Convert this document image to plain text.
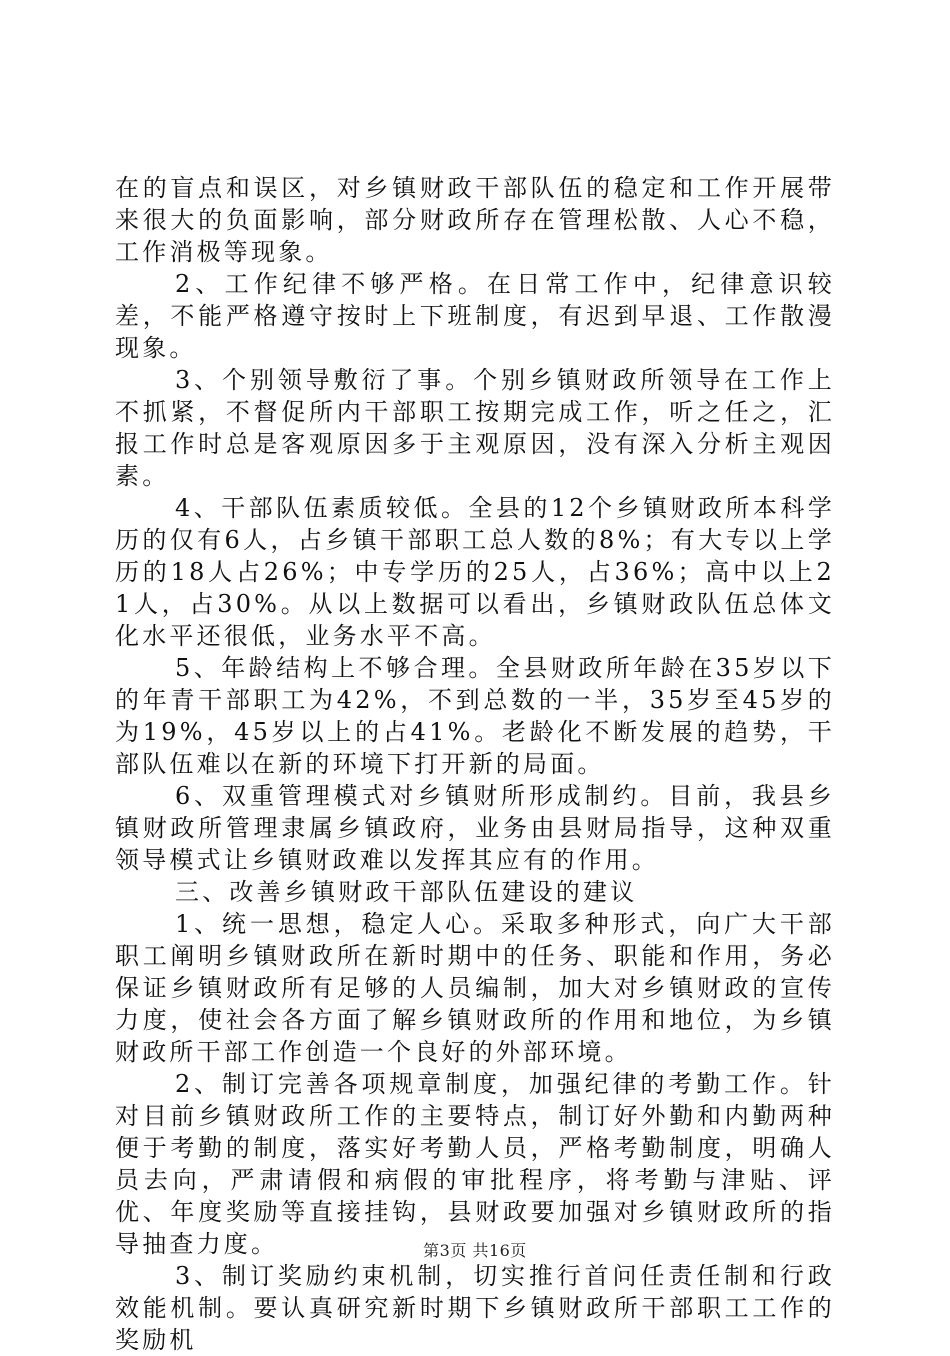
在的盲点和误区，对乡镇财政干部队伍的稳定和工作开展带来很大的负面影响，部分财政所存在管理松散、人心不稳，工作消极等现象。

2、工作纪律不够严格。在日常工作中，纪律意识较差，不能严格遵守按时上下班制度，有迟到早退、工作散漫现象。

3、个别领导敷衍了事。个别乡镇财政所领导在工作上不抓紧，不督促所内干部职工按期完成工作，听之任之，汇报工作时总是客观原因多于主观原因，没有深入分析主观因素。

4、干部队伍素质较低。全县的12个乡镇财政所本科学历的仅有6人，占乡镇干部职工总人数的8%；有大专以上学历的18人占26%；中专学历的25人，占36%；高中以上21人，占30%。从以上数据可以看出，乡镇财政队伍总体文化水平还很低，业务水平不高。

5、年龄结构上不够合理。全县财政所年龄在35岁以下的年青干部职工为42%，不到总数的一半，35岁至45岁的为19%，45岁以上的占41%。老龄化不断发展的趋势，干部队伍难以在新的环境下打开新的局面。

6、双重管理模式对乡镇财所形成制约。目前，我县乡镇财政所管理隶属乡镇政府，业务由县财局指导，这种双重领导模式让乡镇财政难以发挥其应有的作用。

三、改善乡镇财政干部队伍建设的建议

1、统一思想，稳定人心。采取多种形式，向广大干部职工阐明乡镇财政所在新时期中的任务、职能和作用，务必保证乡镇财政所有足够的人员编制，加大对乡镇财政的宣传力度，使社会各方面了解乡镇财政所的作用和地位，为乡镇财政所干部工作创造一个良好的外部环境。

2、制订完善各项规章制度，加强纪律的考勤工作。针对目前乡镇财政所工作的主要特点，制订好外勤和内勤两种便于考勤的制度，落实好考勤人员，严格考勤制度，明确人员去向，严肃请假和病假的审批程序，将考勤与津贴、评优、年度奖励等直接挂钩，县财政要加强对乡镇财政所的指导抽查力度。

3、制订奖励约束机制，切实推行首问任责任制和行政效能机制。要认真研究新时期下乡镇财政所干部职工工作的奖励机

第3页 共16页
